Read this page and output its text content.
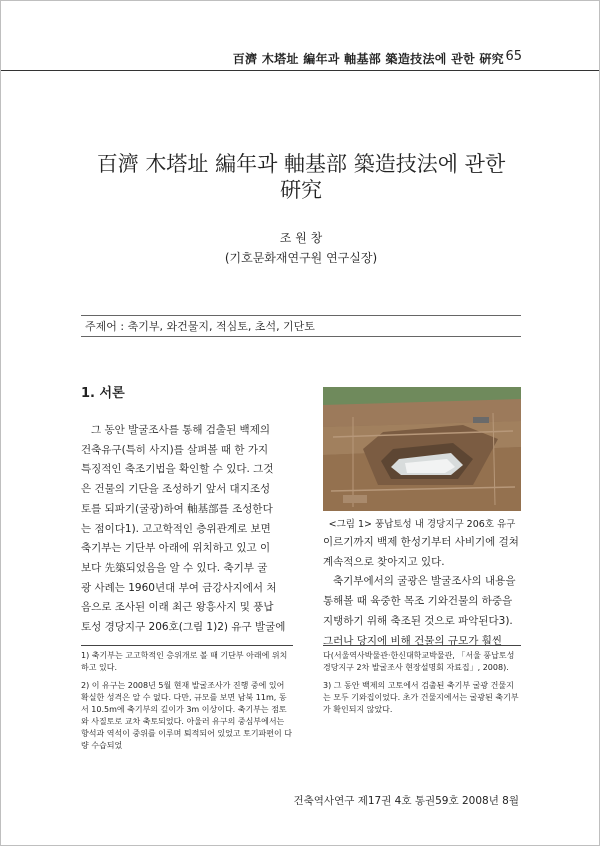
百濟 木塔址 編年과 軸基部 築造技法에 관한 硏究 65
百濟 木塔址 編年과 軸基部 築造技法에 관한
硏究
조 원 창
(기호문화재연구원 연구실장)
주제어 : 축기부, 와건물지, 적심토, 초석, 기단토
1. 서론
그 동안 발굴조사를 통해 검출된 백제의
건축유구(특히 사지)를 살펴볼 때 한 가지
특징적인 축조기법을 확인할 수 있다. 그것
은 건물의 기단을 조성하기 앞서 대지조성
토를 되파기(굴광)하여 軸基部를 조성한다
는 점이다1). 고고학적인 층위관계로 보면
축기부는 기단부 아래에 위치하고 있고 이
보다 先築되었음을 알 수 있다. 축기부 굴
광 사례는 1960년대 부여 금강사지에서 처
음으로 조사된 이래 최근 왕흥사지 및 풍납
토성 경당지구 206호(그림 1)2) 유구 발굴에

1) 축기부는 고고학적인 층위개로 볼 때 기단부 아래에 위치하고 있다.

2) 이 유구는 2008년 5월 현재 발굴조사가 진행 중에 있어 확실한 성격은 알 수 없다. 다만, 규모를 보면 남북 11m, 동서 10.5m에 축기부의 깊이가 3m 이상이다. 축기부는 점토와 사질토로 교차 축토되었다. 아울러 유구의 중심부에서는 향석과 역석이 중위를 이루며 퇴적되어 있었고 토기파편이 다량 수습되었

<그림 1> 풍납토성 내 경당지구 206호 유구
이르기까지 백제 한성기부터 사비기에 걸쳐
계속적으로 찾아지고 있다.
축기부에서의 굴광은 발굴조사의 내용을
통해볼 때 육중한 목조 기와건물의 하중을
지탱하기 위해 축조된 것으로 파악된다3).
그러나 당지에 비해 건물의 규모가 훨씬

다(서울역사박물관·한신대학교박물관, 「서울 풍납토성 경당지구 2차 발굴조사 현장설명회 자료집」, 2008).

3) 그 동안 백제의 고토에서 검출된 축기부 굴광 건물지는 모두 기와집이었다. 초가 건물지에서는 굴광된 축기부가 확인되지 않았다.

건축역사연구 제17권 4호 통권59호 2008년 8월
